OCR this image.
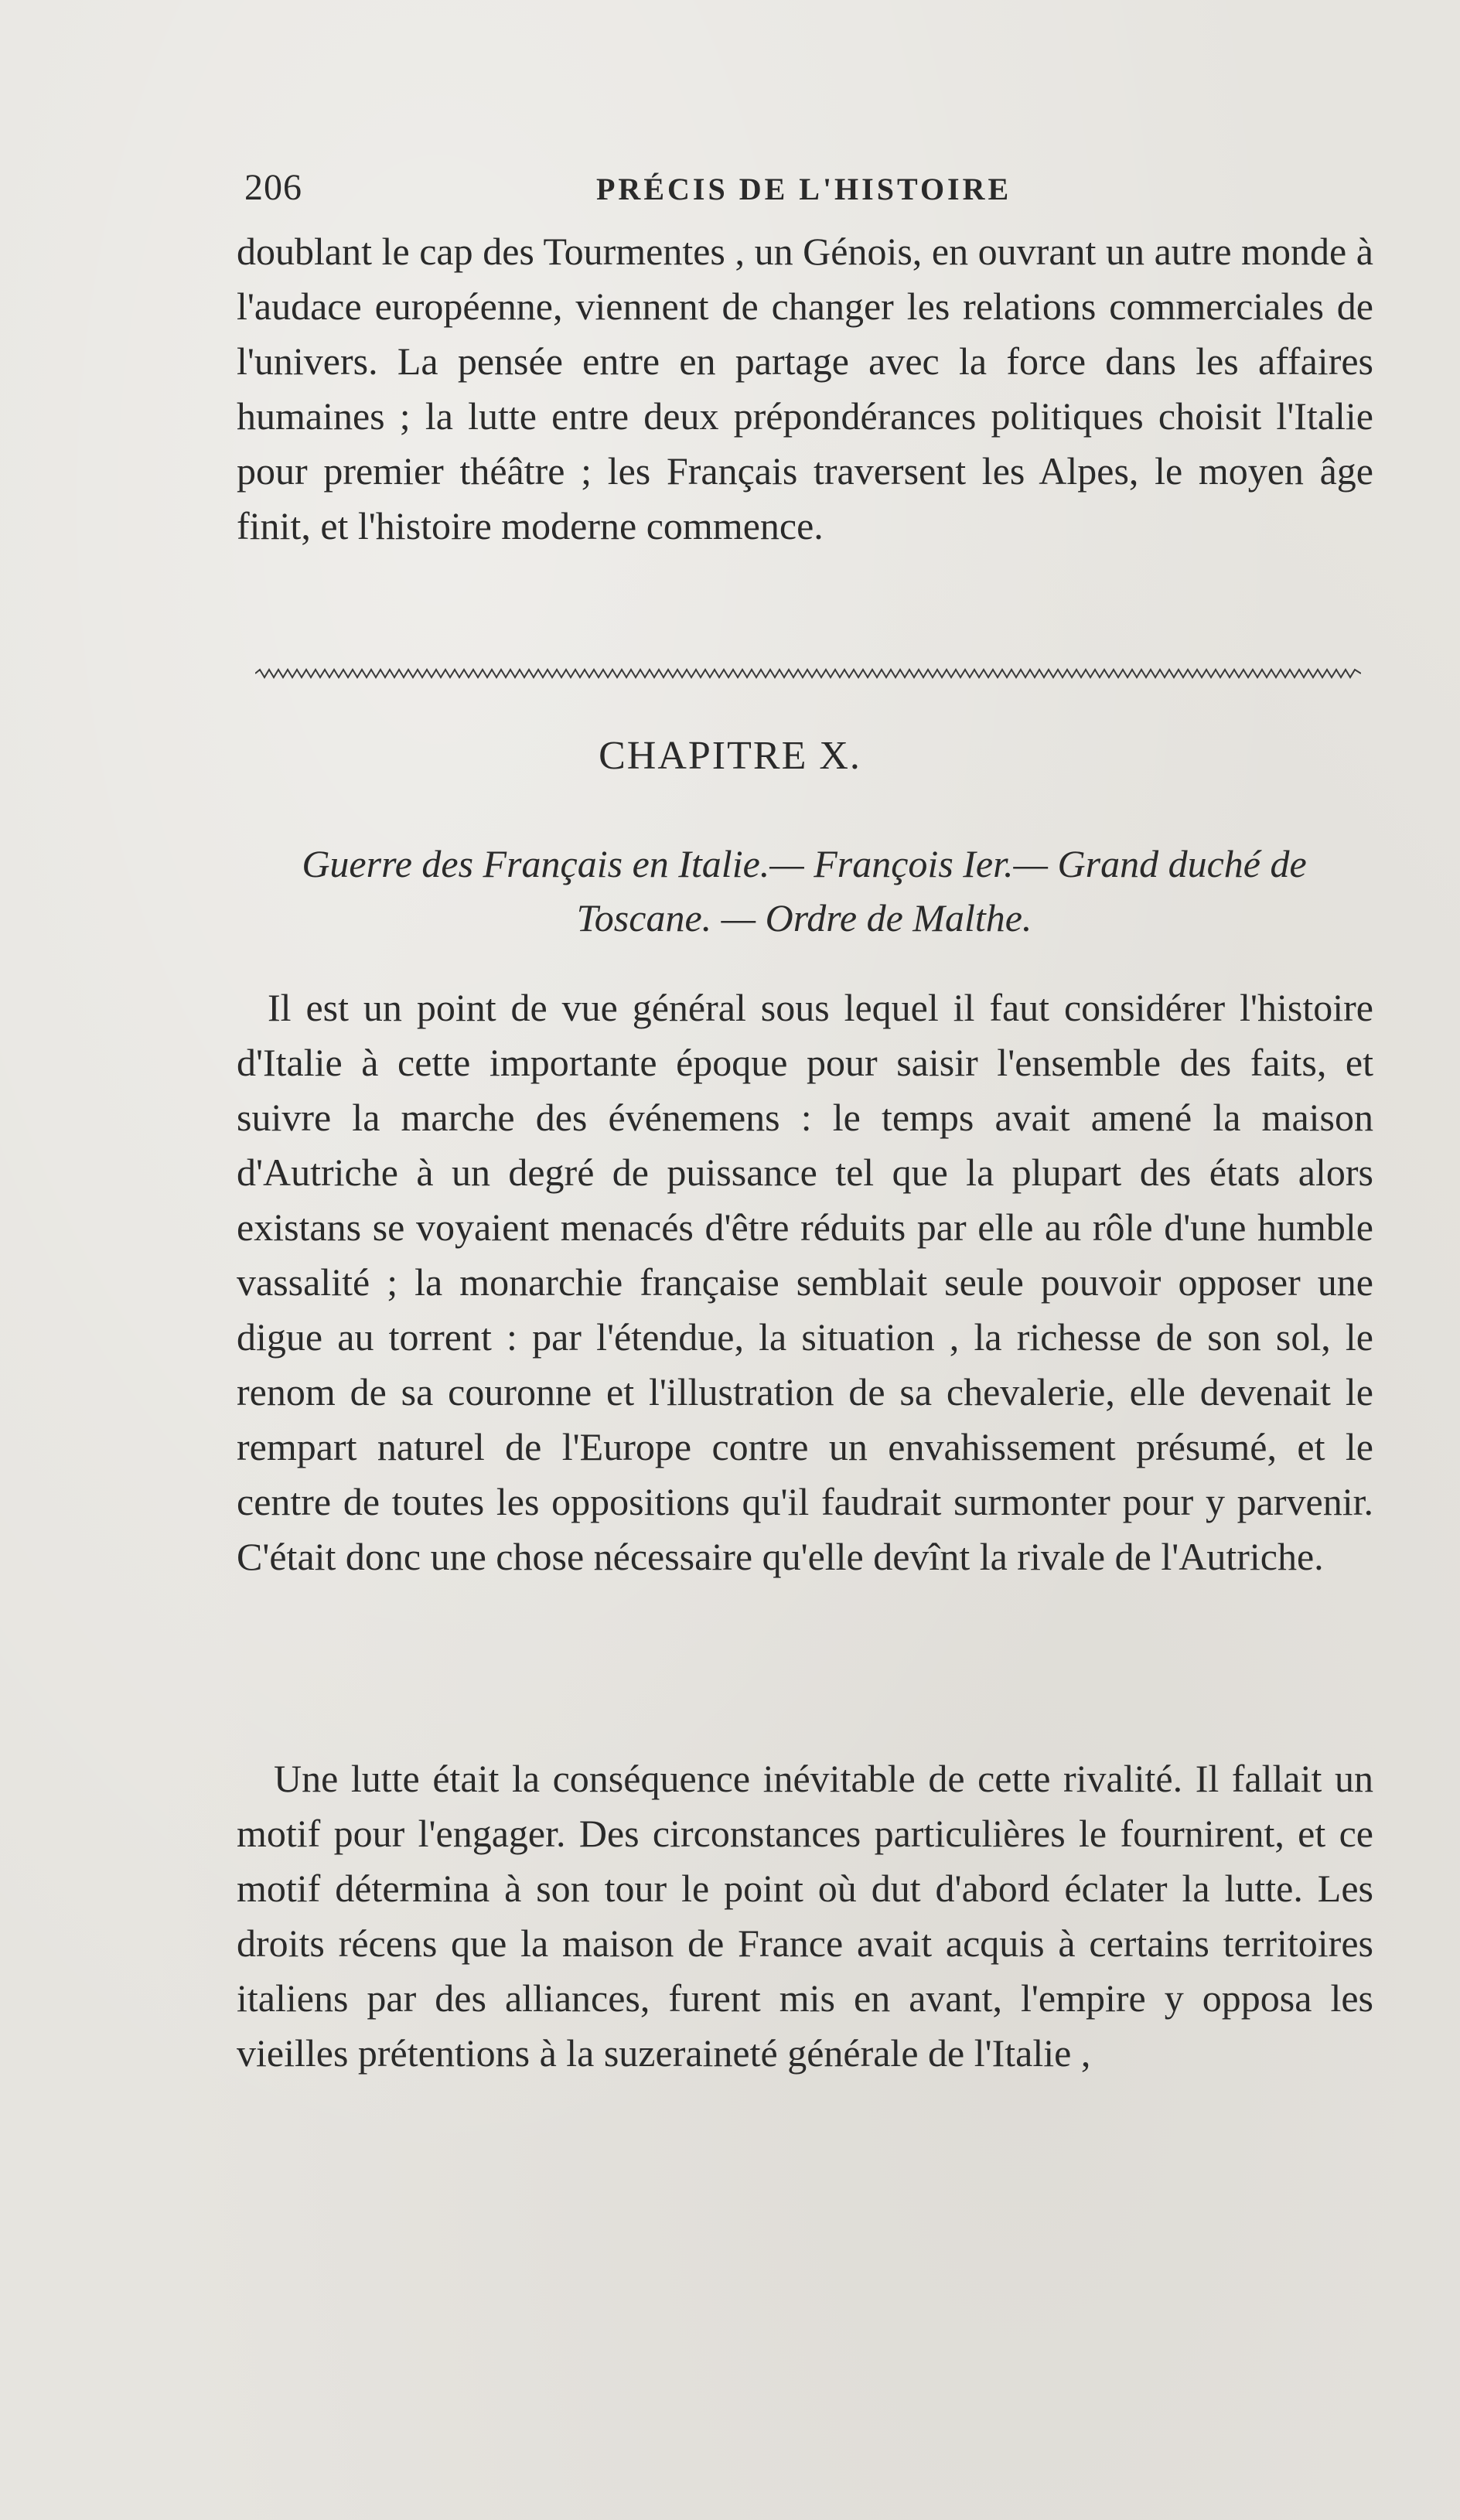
206	PRÉCIS DE L'HISTOIRE
doublant le cap des Tourmentes , un Génois, en ouvrant un autre monde à l'audace européenne, viennent de changer les relations commerciales de l'univers. La pensée entre en partage avec la force dans les affaires humaines ; la lutte entre deux prépondérances politiques choisit l'Italie pour premier théâtre ; les Français traversent les Alpes, le moyen âge finit, et l'histoire moderne commence.
CHAPITRE X.
Guerre des Français en Italie.— François Ier.— Grand duché de Toscane. — Ordre de Malthe.
Il est un point de vue général sous lequel il faut considérer l'histoire d'Italie à cette importante époque pour saisir l'ensemble des faits, et suivre la marche des événemens : le temps avait amené la maison d'Autriche à un degré de puissance tel que la plupart des états alors existans se voyaient menacés d'être réduits par elle au rôle d'une humble vassalité ; la monarchie française semblait seule pouvoir opposer une digue au torrent : par l'étendue, la situation , la richesse de son sol, le renom de sa couronne et l'illustration de sa chevalerie, elle devenait le rempart naturel de l'Europe contre un envahissement présumé, et le centre de toutes les oppositions qu'il faudrait surmonter pour y parvenir. C'était donc une chose nécessaire qu'elle devînt la rivale de l'Autriche.
Une lutte était la conséquence inévitable de cette rivalité. Il fallait un motif pour l'engager. Des circonstances particulières le fournirent, et ce motif détermina à son tour le point où dut d'abord éclater la lutte. Les droits récens que la maison de France avait acquis à certains territoires italiens par des alliances, furent mis en avant, l'empire y opposa les vieilles prétentions à la suzeraineté générale de l'Italie ,
